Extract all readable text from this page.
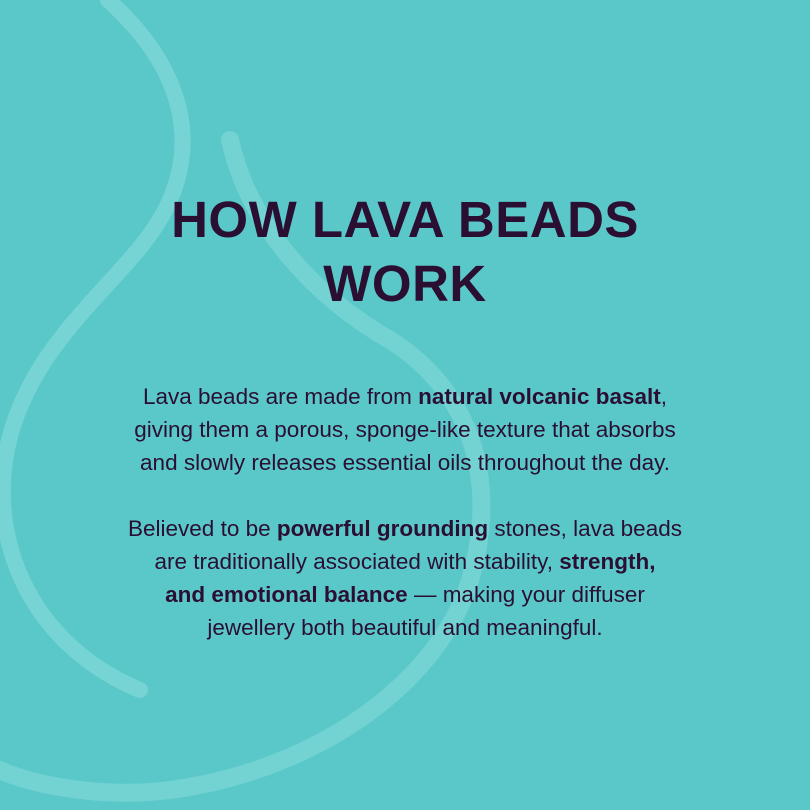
HOW LAVA BEADS
WORK

Lava beads are made from natural volcanic basalt,
giving them a porous, sponge-like texture that absorbs
and slowly releases essential oils throughout the day.

Believed to be powerful grounding stones, lava beads
are traditionally associated with stability, strength,
and emotional balance — making your diffuser
jewellery both beautiful and meaningful.
